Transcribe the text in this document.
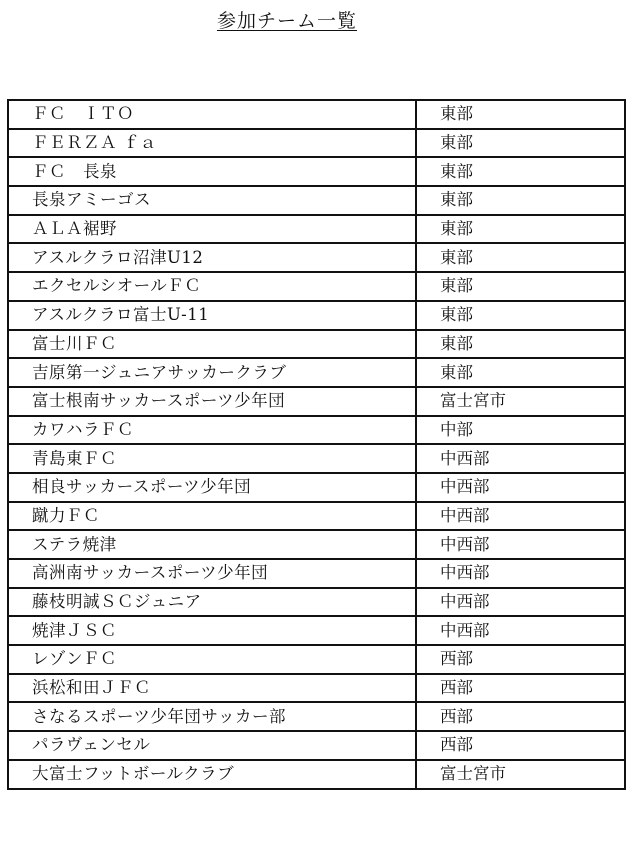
参加チーム一覧
ＦＣ　ＩＴＯ	東部
ＦＥＲＺＡ ｆａ	東部
ＦＣ　長泉	東部
長泉アミーゴス	東部
ＡＬＡ裾野	東部
アスルクラロ沼津U12	東部
エクセルシオールＦＣ	東部
アスルクラロ富士U-11	東部
富士川ＦＣ	東部
吉原第一ジュニアサッカークラブ	東部
富士根南サッカースポーツ少年団	富士宮市
カワハラＦＣ	中部
青島東ＦＣ	中西部
相良サッカースポーツ少年団	中西部
蹴力ＦＣ	中西部
ステラ焼津	中西部
高洲南サッカースポーツ少年団	中西部
藤枝明誠ＳＣジュニア	中西部
焼津ＪＳＣ	中西部
レゾンＦＣ	西部
浜松和田ＪＦＣ	西部
さなるスポーツ少年団サッカー部	西部
パラヴェンセル	西部
大富士フットボールクラブ	富士宮市
